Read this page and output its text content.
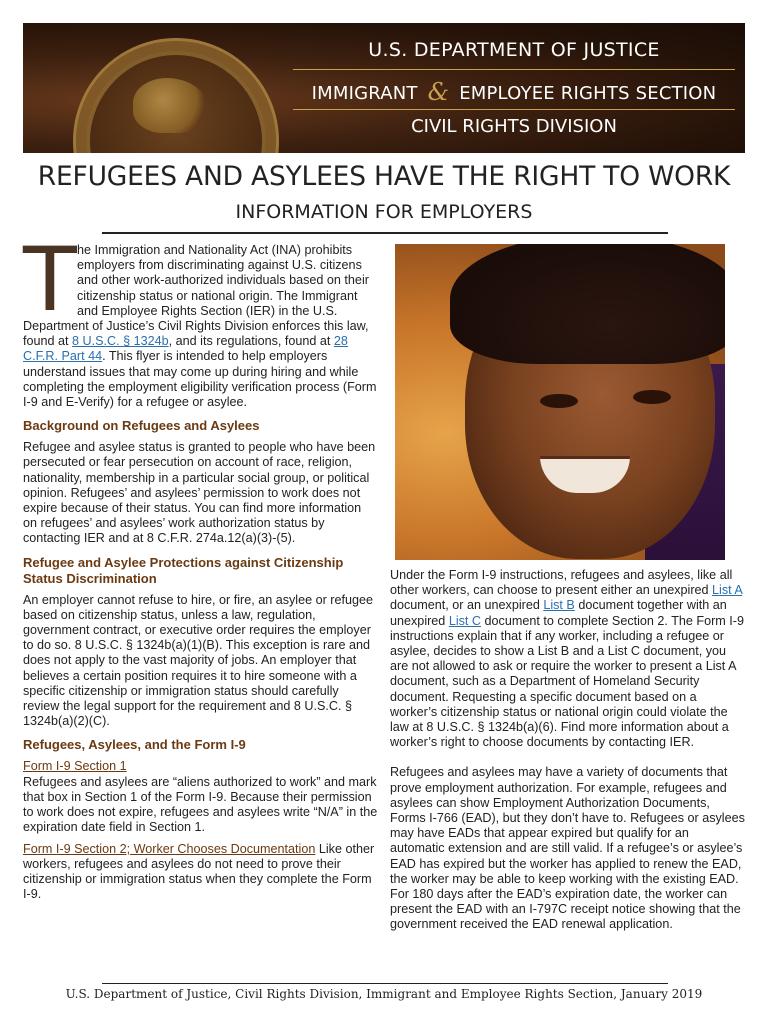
U.S. DEPARTMENT OF JUSTICE
IMMIGRANT & EMPLOYEE RIGHTS SECTION
CIVIL RIGHTS DIVISION
REFUGEES AND ASYLEES HAVE THE RIGHT TO WORK
INFORMATION FOR EMPLOYERS

The Immigration and Nationality Act (INA) prohibits employers from discriminating against U.S. citizens and other work-authorized individuals based on their citizenship status or national origin. The Immigrant and Employee Rights Section (IER) in the U.S. Department of Justice’s Civil Rights Division enforces this law, found at 8 U.S.C. § 1324b, and its regulations, found at 28 C.F.R. Part 44. This flyer is intended to help employers understand issues that may come up during hiring and while completing the employment eligibility verification process (Form I-9 and E-Verify) for a refugee or asylee.

Background on Refugees and Asylees

Refugee and asylee status is granted to people who have been persecuted or fear persecution on account of race, religion, nationality, membership in a particular social group, or political opinion. Refugees’ and asylees’ permission to work does not expire because of their status. You can find more information on refugees’ and asylees’ work authorization status by contacting IER and at 8 C.F.R. 274a.12(a)(3)-(5).

Refugee and Asylee Protections against Citizenship Status Discrimination

An employer cannot refuse to hire, or fire, an asylee or refugee based on citizenship status, unless a law, regulation, government contract, or executive order requires the employer to do so. 8 U.S.C. § 1324b(a)(1)(B). This exception is rare and does not apply to the vast majority of jobs. An employer that believes a certain position requires it to hire someone with a specific citizenship or immigration status should carefully review the legal support for the requirement and 8 U.S.C. § 1324b(a)(2)(C).

Refugees, Asylees, and the Form I-9

Form I-9 Section 1
Refugees and asylees are “aliens authorized to work” and mark that box in Section 1 of the Form I-9. Because their permission to work does not expire, refugees and asylees write “N/A” in the expiration date field in Section 1.

Form I-9 Section 2; Worker Chooses Documentation Like other workers, refugees and asylees do not need to prove their citizenship or immigration status when they complete the Form I-9.

Under the Form I-9 instructions, refugees and asylees, like all other workers, can choose to present either an unexpired List A document, or an unexpired List B document together with an unexpired List C document to complete Section 2. The Form I-9 instructions explain that if any worker, including a refugee or asylee, decides to show a List B and a List C document, you are not allowed to ask or require the worker to present a List A document, such as a Department of Homeland Security document. Requesting a specific document based on a worker’s citizenship status or national origin could violate the law at 8 U.S.C. § 1324b(a)(6). Find more information about a worker’s right to choose documents by contacting IER.

Refugees and asylees may have a variety of documents that prove employment authorization. For example, refugees and asylees can show Employment Authorization Documents, Forms I-766 (EAD), but they don’t have to. Refugees or asylees may have EADs that appear expired but qualify for an automatic extension and are still valid. If a refugee’s or asylee’s EAD has expired but the worker has applied to renew the EAD, the worker may be able to keep working with the existing EAD. For 180 days after the EAD’s expiration date, the worker can present the EAD with an I-797C receipt notice showing that the government received the EAD renewal application.

U.S. Department of Justice, Civil Rights Division, Immigrant and Employee Rights Section, January 2019
